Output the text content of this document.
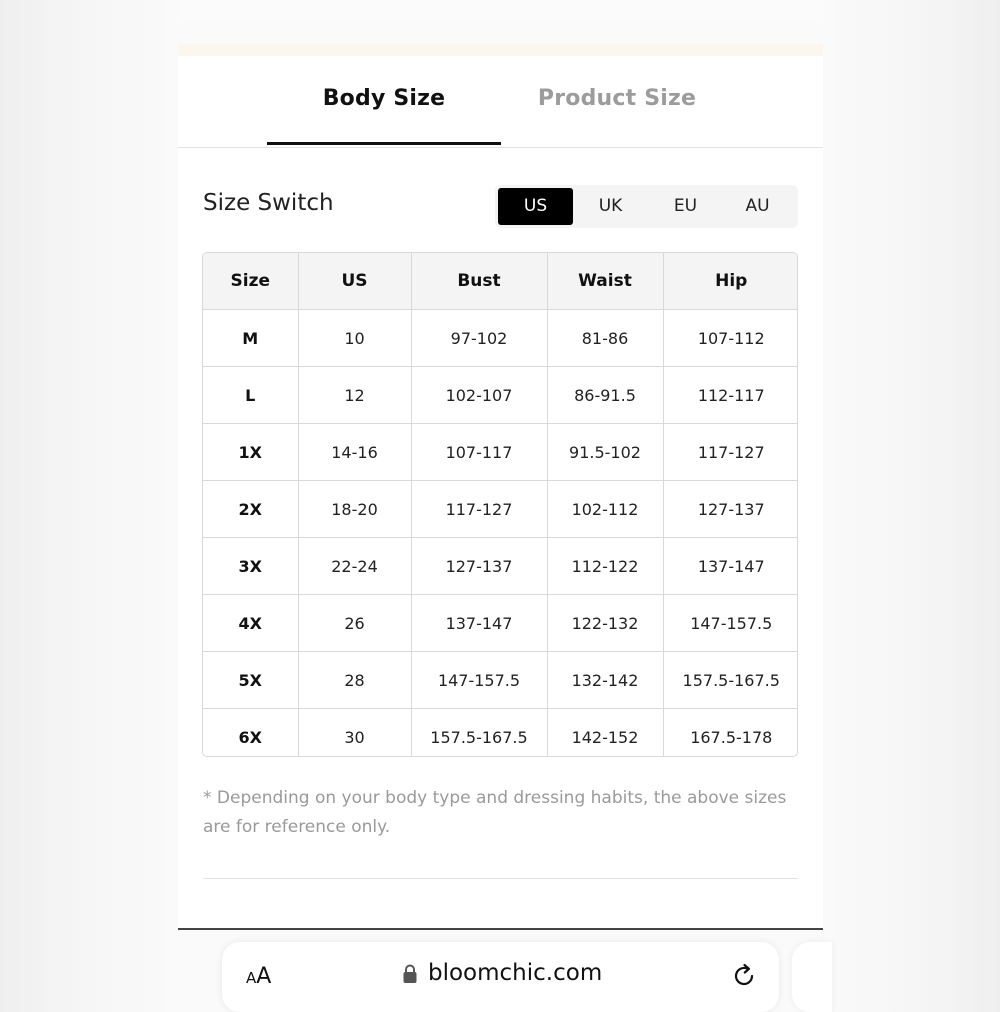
Body Size	Product Size
Size Switch	US	UK	EU	AU
Size	US	Bust	Waist	Hip
M	10	97-102	81-86	107-112
L	12	102-107	86-91.5	112-117
1X	14-16	107-117	91.5-102	117-127
2X	18-20	117-127	102-112	127-137
3X	22-24	127-137	112-122	137-147
4X	26	137-147	122-132	147-157.5
5X	28	147-157.5	132-142	157.5-167.5
6X	30	157.5-167.5	142-152	167.5-178
* Depending on your body type and dressing habits, the above sizes are for reference only.
AA	bloomchic.com
